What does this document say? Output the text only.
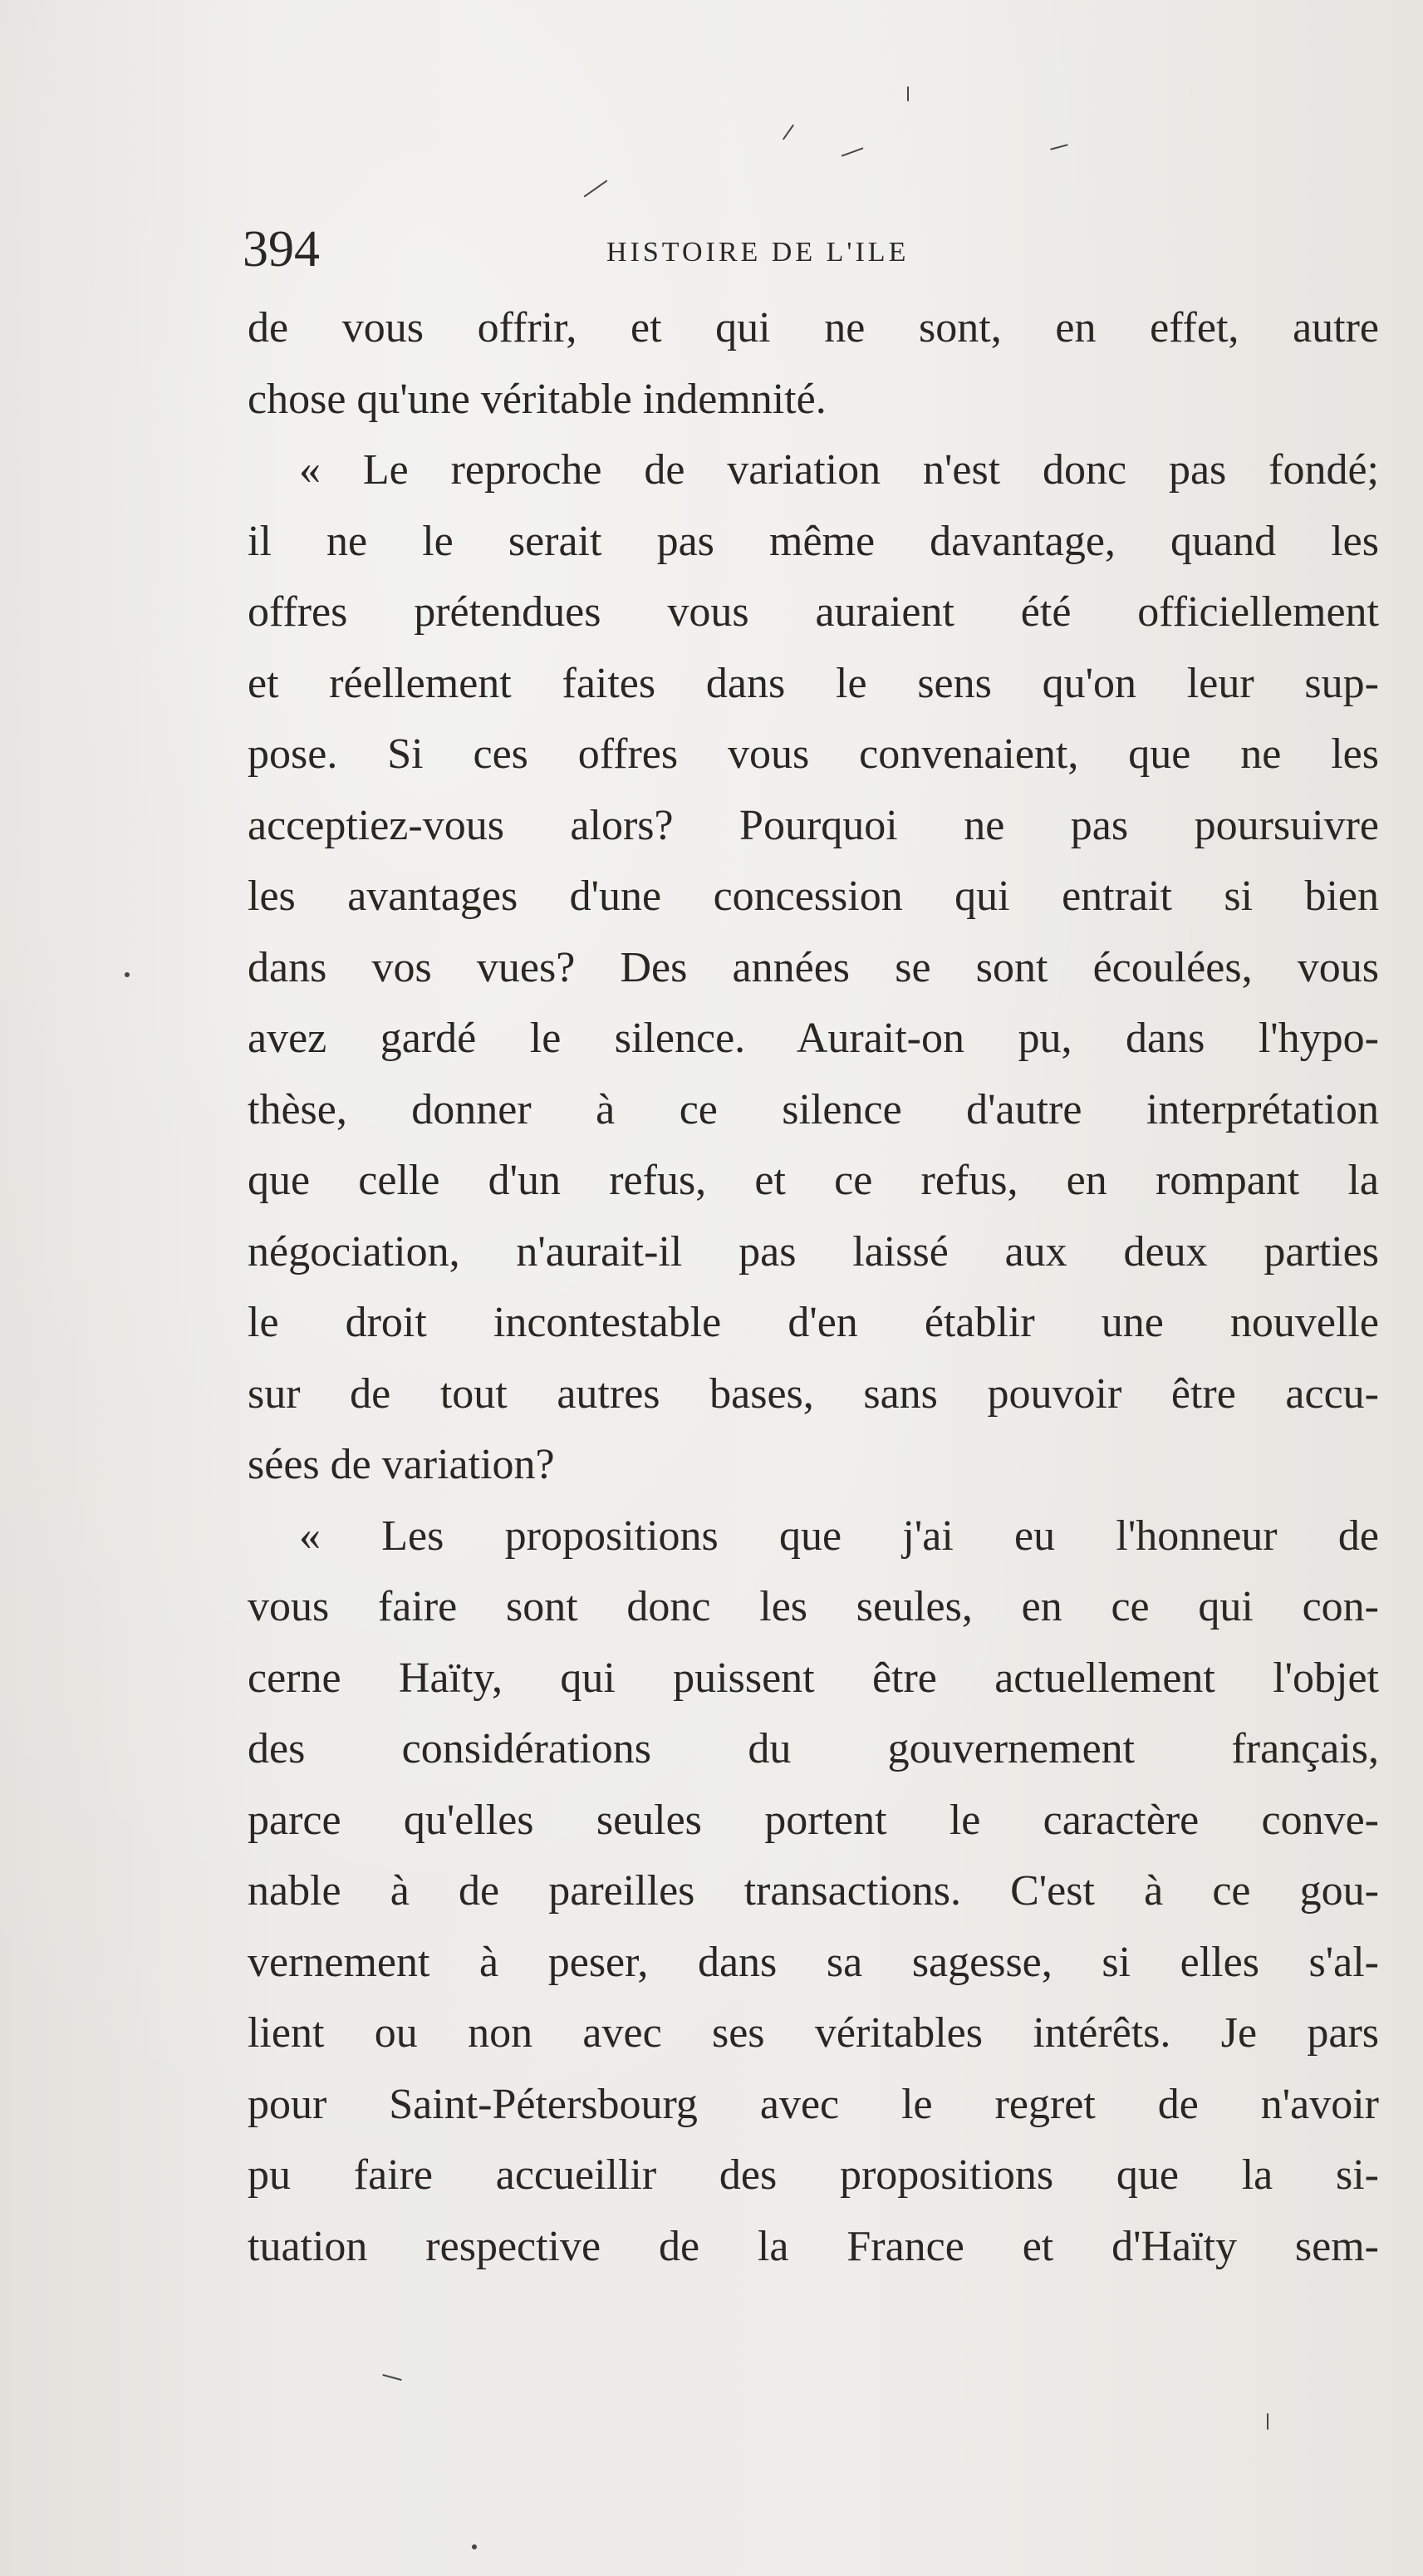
394	HISTOIRE DE L'ILE
de vous offrir, et qui ne sont, en effet, autre
chose qu'une véritable indemnité.
« Le reproche de variation n'est donc pas fondé;
il ne le serait pas même davantage, quand les
offres prétendues vous auraient été officiellement
et réellement faites dans le sens qu'on leur sup-
pose. Si ces offres vous convenaient, que ne les
acceptiez-vous alors? Pourquoi ne pas poursuivre
les avantages d'une concession qui entrait si bien
dans vos vues? Des années se sont écoulées, vous
avez gardé le silence. Aurait-on pu, dans l'hypo-
thèse, donner à ce silence d'autre interprétation
que celle d'un refus, et ce refus, en rompant la
négociation, n'aurait-il pas laissé aux deux parties
le droit incontestable d'en établir une nouvelle
sur de tout autres bases, sans pouvoir être accu-
sées de variation?
« Les propositions que j'ai eu l'honneur de
vous faire sont donc les seules, en ce qui con-
cerne Haïty, qui puissent être actuellement l'objet
des considérations du gouvernement français,
parce qu'elles seules portent le caractère conve-
nable à de pareilles transactions. C'est à ce gou-
vernement à peser, dans sa sagesse, si elles s'al-
lient ou non avec ses véritables intérêts. Je pars
pour Saint-Pétersbourg avec le regret de n'avoir
pu faire accueillir des propositions que la si-
tuation respective de la France et d'Haïty sem-
